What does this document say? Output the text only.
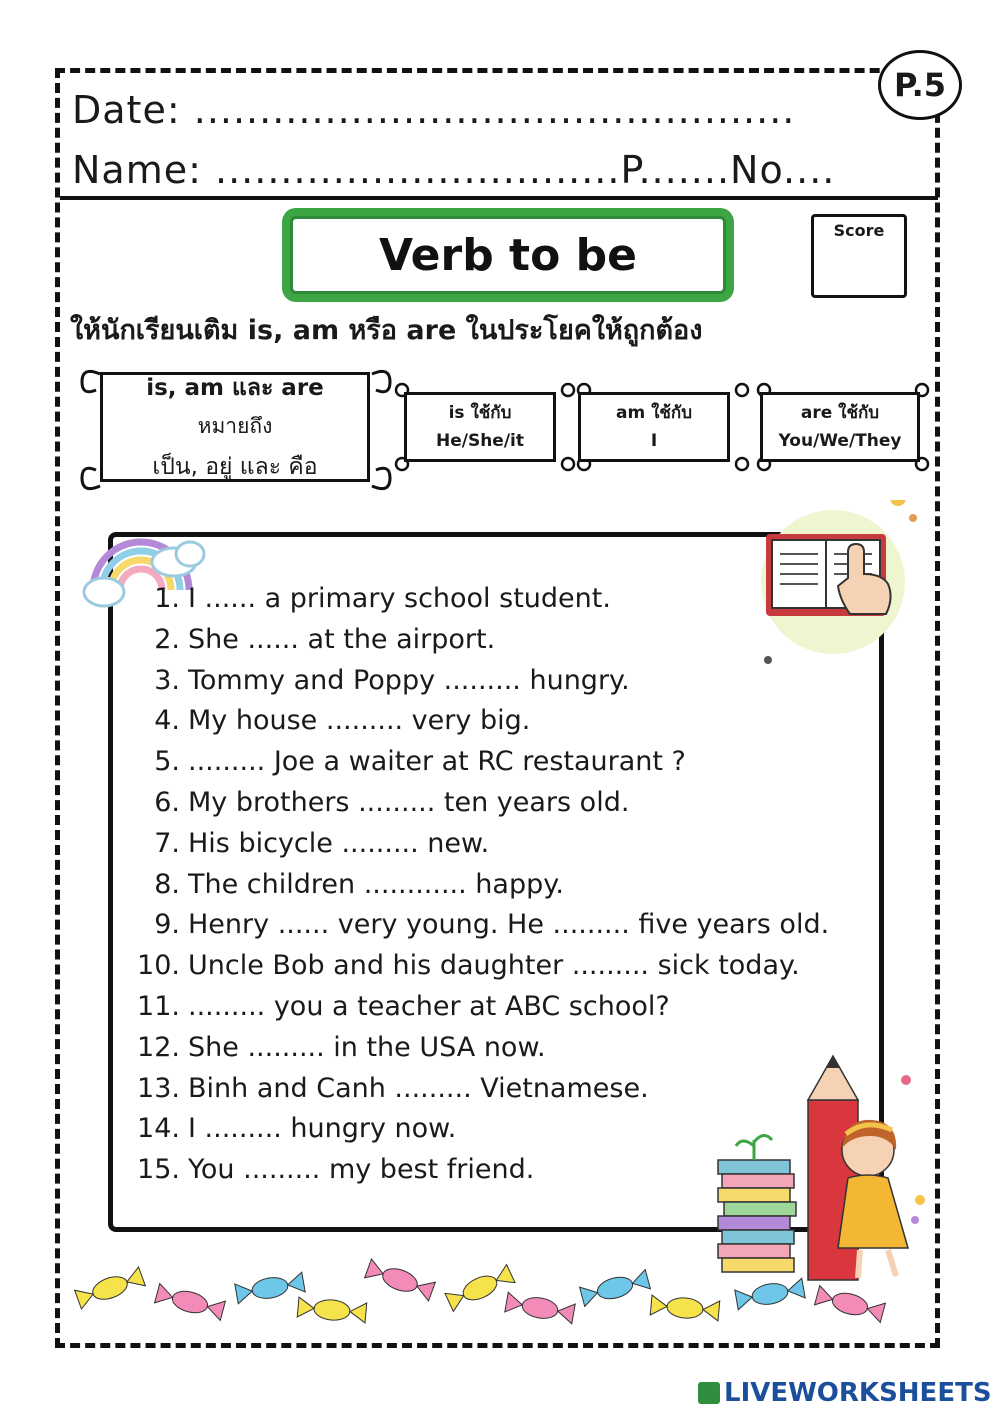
P.5
Date: ..............................................
Name: ...............................P.......No....
Verb to be	Score
ให้นักเรียนเติม is, am หรือ are ในประโยคให้ถูกต้อง
is, am และ are
หมายถึง
เป็น, อยู่ และ คือ
is ใช้กับ
He/She/it
am ใช้กับ
I
are ใช้กับ
You/We/They
1. I ...... a primary school student.
2. She ...... at the airport.
3. Tommy and Poppy ......... hungry.
4. My house ......... very big.
5. ......... Joe a waiter at RC restaurant ?
6. My brothers ......... ten years old.
7. His bicycle ......... new.
8. The children ............ happy.
9. Henry ...... very young. He ......... five years old.
10. Uncle Bob and his daughter ......... sick today.
11. ......... you a teacher at ABC school?
12. She ......... in the USA now.
13. Binh and Canh ......... Vietnamese.
14. I ......... hungry now.
15. You ......... my best friend.
LIVEWORKSHEETS
